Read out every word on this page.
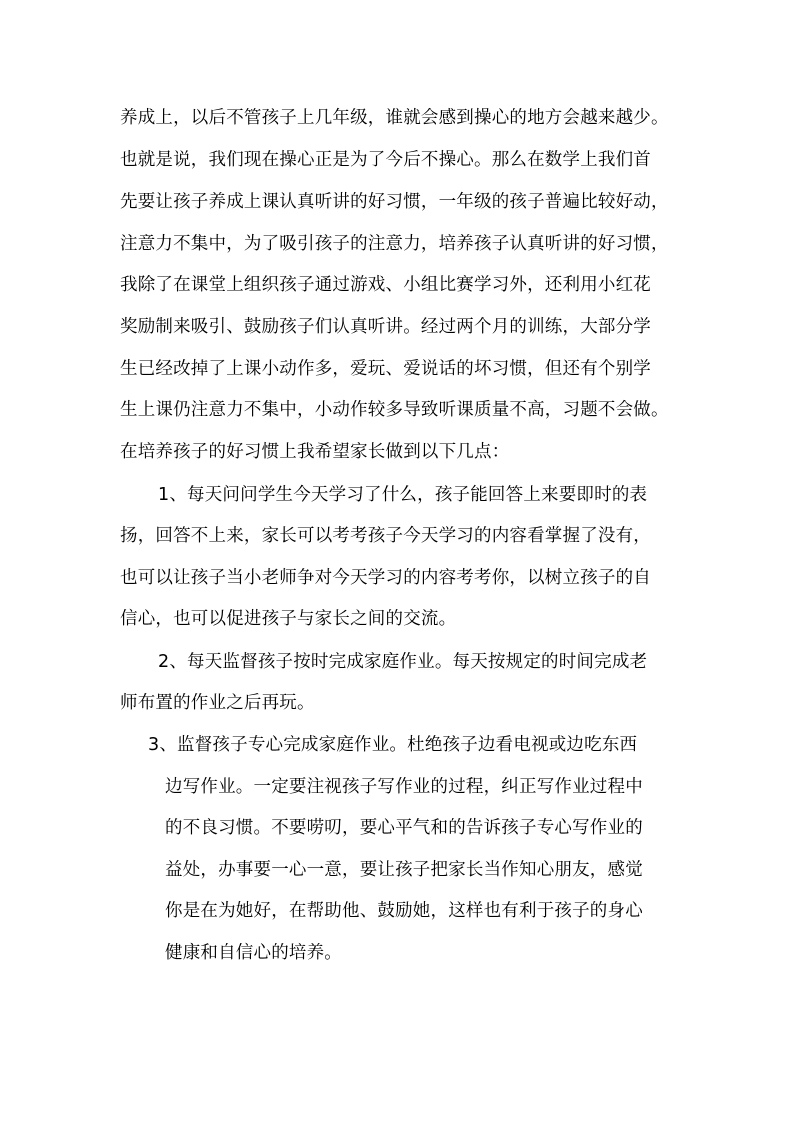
养成上，以后不管孩子上几年级，谁就会感到操心的地方会越来越少。
也就是说，我们现在操心正是为了今后不操心。那么在数学上我们首
先要让孩子养成上课认真听讲的好习惯，一年级的孩子普遍比较好动，
注意力不集中，为了吸引孩子的注意力，培养孩子认真听讲的好习惯，
我除了在课堂上组织孩子通过游戏、小组比赛学习外，还利用小红花
奖励制来吸引、鼓励孩子们认真听讲。经过两个月的训练，大部分学
生已经改掉了上课小动作多，爱玩、爱说话的坏习惯，但还有个别学
生上课仍注意力不集中，小动作较多导致听课质量不高，习题不会做。
在培养孩子的好习惯上我希望家长做到以下几点：
1、每天问问学生今天学习了什么，孩子能回答上来要即时的表
扬，回答不上来，家长可以考考孩子今天学习的内容看掌握了没有，
也可以让孩子当小老师争对今天学习的内容考考你，以树立孩子的自
信心，也可以促进孩子与家长之间的交流。
2、每天监督孩子按时完成家庭作业。每天按规定的时间完成老
师布置的作业之后再玩。
3、监督孩子专心完成家庭作业。杜绝孩子边看电视或边吃东西
边写作业。一定要注视孩子写作业的过程，纠正写作业过程中
的不良习惯。不要唠叨，要心平气和的告诉孩子专心写作业的
益处，办事要一心一意，要让孩子把家长当作知心朋友，感觉
你是在为她好，在帮助他、鼓励她，这样也有利于孩子的身心
健康和自信心的培养。
